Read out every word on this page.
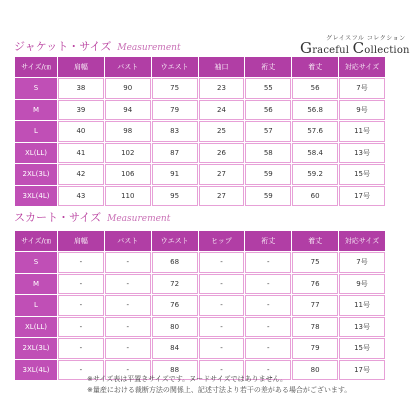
ジャケット・サイズ Measurement
グレイスフル コレクション
Graceful Collection
サイズ/㎝	肩幅	バスト	ウエスト	袖口	裄丈	着丈	対応サイズ
S	38	90	75	23	55	56	7号
M	39	94	79	24	56	56.8	9号
L	40	98	83	25	57	57.6	11号
XL(LL)	41	102	87	26	58	58.4	13号
2XL(3L)	42	106	91	27	59	59.2	15号
3XL(4L)	43	110	95	27	59	60	17号
スカート・サイズ Measurement
サイズ/㎝	肩幅	バスト	ウエスト	ヒップ	裄丈	着丈	対応サイズ
S	-	-	68	-	-	75	7号
M	-	-	72	-	-	76	9号
L	-	-	76	-	-	77	11号
XL(LL)	-	-	80	-	-	78	13号
2XL(3L)	-	-	84	-	-	79	15号
3XL(4L)	-	-	88	-	-	80	17号
※サイズ表は平置きサイズです。ヌードサイズではありません。
※量産における裁断方法の関係上、記述寸法より若干の差がある場合がございます。
